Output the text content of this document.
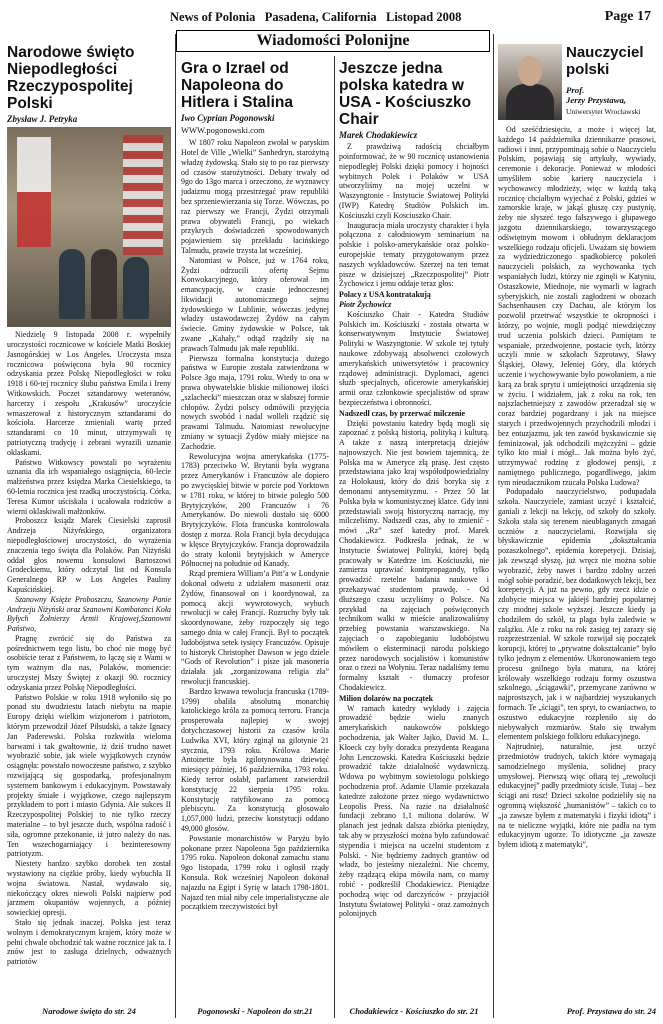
News of Polonia Pasadena, California Listopad 2008	Page 17
Wiadomości Polonijne
Narodowe święto Niepodległości Rzeczypospolitej Polski
Zbysław J. Petryka

Niedzielę 9 listopada 2008 r. wypełniły uroczystości rocznicowe w kościele Matki Boskiej Jasnogórskiej w Los Angeles. Uroczysta msza rocznicowa poświęcona była 90 rocznicy odzyskania przez Polskę Niepodległości w roku 1918 i 60-tej rocznicy ślubu państwa Emila i Ireny Witkowskich. Poczet sztandarowy weteranów, harcerzy i zespołu „Krakusów” uroczyście wmaszerował z historycznym sztandarami do kościoła. Harcerze zmieniali wartę przed sztandarami co 10 minut, utrzymywali tę patriotyczną tradycję i zebrani wyrazili uznanie oklaskami.

Państwo Witkowscy powstali po wyrażeniu uznania dla ich wspaniałego osiągnięcia, 60-lecie małżeństwa przez księdza Marka Ciesielskiego, ta 60-letnia rocznica jest rzadką uroczystością. Córka, Teresa Kumor uściskała i ucałowała rodziców a wierni oklaskiwali małżonków.

Proboszcz ksiądz Marek Ciesielski zaprosił Andrzeja Niżyńskiego, organizatora niepodległościowej uroczystości, do wyrażenia znaczenia tego święta dla Polaków. Pan Niżyński oddał głos nowemu konsulowi Bartoszowi Grodeckiemu, który odczytał list od Konsula Generalnego RP w Los Angeles Pauliny Kapuścińskiej.

Szanowny Księże Proboszczu, Szanowny Panie Andrzeju Niżyński oraz Szanowni Kombatanci Koła Byłych Żołnierzy Armii Krajowej,Szanowni Państwo,

Pragnę zwrócić się do Państwa za pośrednictwem tego listu, bo choć nie mogę być osobiście teraz z Państwem, to łączę się z Wami w tym ważnym dla nas, Polaków, momencie: uroczystej Mszy Świętej z okazji 90. rocznicy odzyskania przez Polskę Niepodległości.

Państwo Polskie w roku 1918 wyłoniło się po ponad stu dwudziestu latach niebytu na mapie Europy dzięki wielkim wizjonerom i patriotom, którym przewodził Józef Piłsudski, a także Ignacy Jan Paderewski. Polska rozkwitła wielomа barwami i tak gwałtownie, iż dziś trudno nawet wyobrazić sobie, jak wiele wyjątkowych czynów osiągnęła: powstało nowoczesne państwo, z szybko rozwijającą się gospodarką, profesjonalnym systemem bankowym i edukacyjnym. Powstawały projekty śmiałe i wyjątkowe, czego najlepszym przykładem to port i miasto Gdynia. Ale sukces II Rzeczypospolitej Polskiej to nie tylko rzeczy materialne – to był jeszcze duch, wspólna radość i siła, ogromne przekonanie, iż jutro należy do nas. Ten wszechogarniający i bezinteresowny patriotyzm.

Niestety hardzo szybko dorobek ten został wystawiony na ciężkie próby, kiedy wybuchła II wojna światowa. Nastał, wydawało się, niekończący okres niewoli Polski najpierw pod jarzmem okupantów wojennych, a później sowieckiej opresji.

Stało się jednak inaczej. Polska jest teraz wolnym i demokratycznym krajem, który może w pełni chwale obchodzić tak ważne rocznice jak ta. I znów jest to zasługa dzielnych, odważnych patriotów

Narodowe święto do str. 24
Gra o Izrael od Napoleona do Hitlera i Stalina
Iwo Cyprian Pogonowski
WWW.pogonowski.com

W 1807 roku Napoleon zwołał w paryskim Hotel de Ville „Wielki” Sanhedryn, starożytną władzę żydowską. Stało się to po raz pierwszy od czasów starożytności. Debaty trwały od 9go do 13go marca i orzeczono, że wyznawcy judaizmu mogą przestrzegać praw republiki bez sprzeniewierzania się Torze. Wówczas, po raz pierwszy we Francji, Żydzi otrzymali prawa obywateli Francji, po wiekach przykrych doświadczeń spowodowanych pojawieniem się przekładu łacińskiego Talmudu, prawie trzysta lat wcześniej.

Natomiast w Polsce, już w 1764 roku, Żydzi odrzucili ofertę Sejmu Konwokacyjnego, który oferował im emancypację, w czasie jednoczesnej likwidacji autonomicznego sejmu żydowskiego w Lublinie, wówczas jedynej władzy ustawodawczej Żydów na całym świecie. Gminy żydowskie w Polsce, tak zwane „Kahały,” odtąd rządziły się na prawach Talmudu jak małe republiki.

Pierwsza formalna konstytucja dużego państwa w Europie została zatwierdzona w Polsce 3go maja, 1791 roku. Wtedy to ona w prawa obywatelskie bliskie milionowej ilości „szlachecki” mieszczan oraz w słabszej formie chłopów. Żydzi polscy odmówili przyjęcia nowych swobód i nadal wolleli rządzić się prawami Talmudu. Natomiast rewolucyjne zmiany w sytuacji Żydów miały miejsce na Zachodzie.

Rewolucyjna wojna amerykańska (1775-1783) przeciwko W. Brytanii była wygrana przez Amerykanów i Francuzów ale dopiero po zwycięskiej bitwie w porcie pod Yorktown w 1781 roku, w której to bitwie poległo 500 Brytyjczyków, 200 Francuzów i 76 Amerykanów. Do niewoli dostało się 6000 Brytyjczyków. Flota francuska kontrolowała dostęp z morza. Rola Francji była decydująca w klęsce Brytyjczyków. Francja doprowadziła do straty kolonii brytyjskich w Ameryce Północnej na południe od Kanady.

Rząd premiera William’a Pitt’a w Londynie dokonał odwetu z udziałem masonerii oraz Żydów, finansował on i koordynował, za pomocą akcji wywrotowych, wybuch rewolucji w całej Francji. Rozruchy były tak skoordynowane, żeby rozpoczęły się tego samego dnia w całej Francji. Był to początek ludobójstwa setek tysięcy Francuzów. Opisuje to historyk Christopher Dawson w jego dziele “Gods of Revolution” i pisze jak masoneria działała jak „zorganizowana religia zła” rewolucji francuskiej.

Bardzo krwawa rewolucja francuska (1789-1799) obaliła absolutną monarchię katolickiego króla za pomocą terroru. Francja prosperowała najlepiej w swojej dotychczasowej historii za czasów króla Ludwika XVI, który zginął na gilotynie 21 stycznia, 1793 roku. Królowa Marie Antoinette była zgilotynowana dziewięć miesięcy później, 16 października, 1793 roku. Kiedy terror osłabł, parlament zatwierdził konstytucję 22 sierpnia 1795 roku. Konstytucję ratyfikowano za pomocą plebiscytu. Za konstytucją głosowało 1,057,000 ludzi, przeciw konstytucji oddano 49,000 głosów.

Powstanie monarchistów w Paryżu było pokonane przez Napoleona 5go października 1795 roku. Napoleon dokonał zamachu stanu 9go listopada, 1799 roku i ogłosił rządy Konsula. Rok wcześniej Napoleon dokonał najazdu na Egipt i Syrię w latach 1798-1801. Najazd ten miał niby cele imperialistyczne ale początkiem rzeczywistości był

Pogonowski - Napoleon do str.21
Jeszcze jedna polska katedra w USA - Kościuszko Chair
Marek Chodakiewicz

Z prawdziwą radością chciałbym poinformować, że w 90 rocznicę ustanowienia niepodległej Polski dzięki pomocy i hojności wybitnych Polek i Polaków w USA utworzyliśmy na mojej uczelni w Waszyngtonie - Instytucie Światowej Polityki (IWP) Katedrę Studiów Polskich im. Kościuszki czyli Kosciuszko Chair.

Inauguracja miała uroczysty charakter i była połączona z całodniowym seminarium na polskie i polsko-amerykańskie oraz polsko-europejskie tematy przygotowanym przez naszych wykładowców. Szerzej na ten temat pisze w dzisiejszej „Rzeczpospolitej” Piotr Żychowicz i jemu oddaje teraz głos:

Polacy z USA kontratakują

Piotr Żychowicz

Kościuszko Chair - Katedra Studiów Polskich im. Kościuszki - została otwarta w konserwatywnym Instytucie Światowej Polityki w Waszyngtonie. W szkole tej tytuły naukowe zdobywają absolwenci czołowych amerykańskich uniwersytetów i pracownicy rządowej administracji. Dyplomaci, agenci służb specjalnych, oficerowie amerykańskiej armii oraz członkowie specjalistów od spraw bezpieczeństwa i obronności.

Nadszedł czas, by przerwać milczenie

Dzięki powstaniu katedry będą mogli się zapoznać z polską historią, polityką i kulturą. A także z naszą interpretacją dziejów najnowszych. Nie jest bowiem tajemnicą, że Polska ma w Ameryce złą prasę. Jest często przedstawiana jako kraj współodpowiedzialny za Holokaust, który do dziś boryka się z demonami antysemityzmu. - Przez 50 lat Polska była w komunistycznej klatce. Gdy inni przedstawiali swoją historyczną narrację, my milczeliśmy. Nadszedł czas, aby to zmienić - mówi „Rz” szef katedry prof. Marek Chodakiewicz. Podkreśla jednak, że w Instytucie Światowej Polityki, której będą pracowały w Katedrze im. Kościuszki, nie zamierza uprawiać kontrpropagandy, tylko prowadzić rzetelne badania naukowe i przekazywać studentom prawdę. - Od dłuższego czasu uczyliśmy o Polsce. Na przykład na zajęciach poświęconych technikom walki w mieście analizowaliśmy przebieg powstania warszawskiego. Na zajęciach o zapobieganiu ludobójstwu mówiłem o eksterminacji narodu polskiego przez narodowych socjalistów i komunistów oraz o rzezi na Wołyniu. Teraz nadaliśmy temu formalny kształt - tłumaczy profesor Chodakiewicz.

Milion dolarów na początek

W ramach katedry wykłady i zajęcia prowadzić będzie wielu znanych amerykańskich naukowców polskiego pochodzenia, jak Walter Jajko, David M. L. Kłoeck czy były doradca prezydenta Reagana John Lenczowski. Katedra Kościuszki będzie prowadzić także działalność wydawniczą. Wdowa po wybitnym sowietologu polskiego pochodzenia prof. Adamie Ulamie przekazała katedrze założone przez niego wydawnictwo Leopolis Press. Na razie na działalność fundacji zebrano 1,1 miliona dolarów. W planach jest jednak dalsza zbiórka pieniędzy, tak aby w przyszłości można było zafundować stypendia i miejsca na uczelni studentom z Polski. - Nie będziemy żadnych grantów od władz, bo jesteśmy niezależni. Nie chcemy, żeby rządzącą ekipa mówiła nam, co mamy robić - podkreślił Chodakiewicz. Pieniądze pochodzą więc od darczyńców - przyjaciół Instytutu Światowej Polityki - oraz zamożnych polonijnych

Chodakiewicz - Kościuszko do str. 21
Nauczyciel polski
Prof.
Jerzy Przystawa,
Uniwersytet Wrocławski

Od sześćdziesięciu, a może i więcej lat, każdego 14 października dziennikarze prasowi, radiowi i inni, przypominają sobie o Nauczycielu Polskim, pojawiają się artykuły, wywiady, ceremonie i dekoracje. Ponieważ w młodości umyśliłem sobie karierę nauczyciela i wychowawcy młodzieży, więc w każdą taką rocznicę chciałbym wyjechać z Polski, gdzieś w zamorskie kraje, w jakąś głuszę czy pustynię, żeby nie słyszeć tego fałszywego i głupawego jazgotu dziennikarskiego, towarzyszącego odświętnym mowom i obłudnym deklaracjom wszelkiego rodzaju oficjeli. Uważam się bowiem za wydziedziczonego spadkobiercę pokoleń nauczycieli polskich, za wychowanka tych wspaniałych ludzi, którzy nie zginęli w Katyniu, Ostaszkowie, Miednoje, nie wymarli w łagrach syberyjskich, nie zostali zagłodzeni w obozach Sachsenhausen czy Dachau, ale którym los pozwolił przetrwać wszystkie te okropności i którzy, po wojnie, mogli podjąć niewdzięczny trud uczenia polskich dzieci. Pamiętam te wspaniałe, przedwojenne, postacie tych, którzy uczyli mnie w szkołach Szprotawy, Sławy Śląskiej, Oławy, Jeleniej Góry, dla których uczenie i wychowywanie było powołaniem, a nie karą za brak sprytu i umiejętności urządzenia się w życiu. I widziałem, jak z roku na rok, ten najszlachetniejszy z zawodów przeradzał się w coraz bardziej pogardzany i jak na miejsce starych i przedwojennych przychodzili młodzi i bez entuzjazmu, jak ten zawód byskawicznie się feminizował, jak odchodzili mężczyźni – gdzie tylko kto miał i mógł... Jak można było żyć, utrzymywać rodzinę z głodowej pensji, z namiętnego publicznego, pogardliwego, jakim tym nieudacznikom rzucała Polska Ludowa?

Podupadało nauczycielstwo, podupadała szkoła. Nauczyciele, zamiast uczyć i kształcić, ganiali z lekcji na lekcję, od szkoły do szkoły. Szkoła stała się terenem nieubłaganych zmagań uczniów z nauczycielami. Rozwijała się błyskawicznie epidemia „dokształcania pozaszkolnego”, epidemia korepetycji. Dzisiaj, jak zewsząd słyszę, już wręcz nie można sobie wyobrazić, żeby nawet i bardzo zdolny uczeń mógł sobie poradzić, bez dodatkowych lekcji, bez korepetycji. A już na pewno, gdy rzecz idzie o zdobycie miejsca w jakiejś bardziej popularnej czy modnej szkole wyższej. Jeszcze kiedy ja chodziłem do szkół, ta plaga była zaledwie w zalążku. Ale z roku na rok zasięg tej zarazy się rozprzestrzeniał. W szkole rozwijał się początek korupcji, której to „prywatne dokształcanie” było tylko jednym z elementów. Ukoronowaniem tego procesu gnilnego była matura, na której królowały wszelkiego rodzaju formy oszustwa szkolnego, „ściągawki”, przemycane zarówno w najprostszych, jak i w najbardziej wyszukanych formach. Te „ściągi”, ten spryt, to cwaniactwo, to oszustwo edukacyjne rozpleniło się do niebywałych rozmiarów. Stało się trwałym elementem polskiego folkloru edukacyjnego.

Najtrudniej, naturalnie, jest uczyć przedmiotów trudnych, takich które wymagają samodzielnego myślenia, solidnej pracy umysłowej. Pierwszą więc ofiarą tej „rewolucji edukacyjnej” padły przedmioty ścisłe. Tutaj – bez ściągi ani rusz! Dzieci szkolne podzieliły się na ogromną większość „humanistów” – takich co to „ja zawsze byłem z matematyki i fizyki idiotą” i na te nieliczne wyjątki, które nie padła na tym edukacyjnym ugorze. To idiotyczne „ja zawsze byłem idiotą z matematyki”,

Prof. Przystawa do str. 24
